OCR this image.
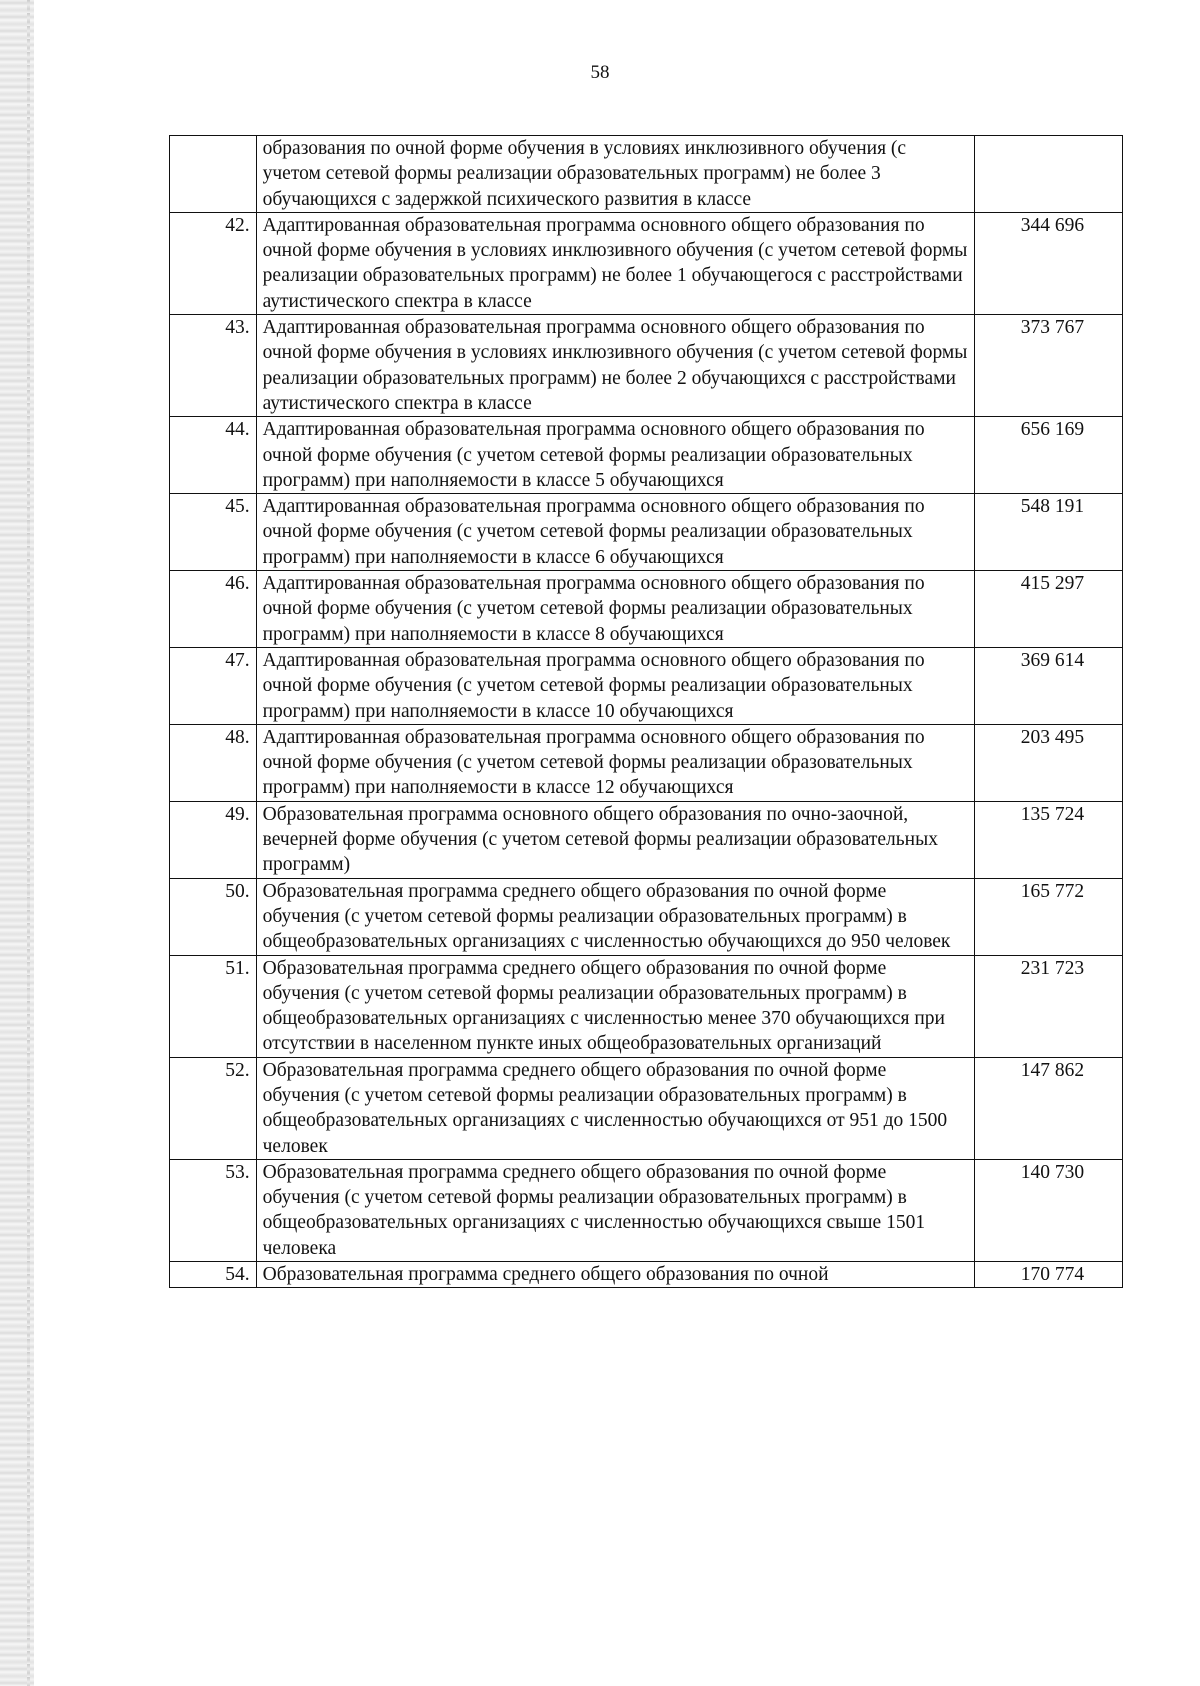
58
	образования по очной форме обучения в условиях инклюзивного обучения (с учетом сетевой формы реализации образовательных программ) не более 3 обучающихся с задержкой психического развития в классе	
42.	Адаптированная образовательная программа основного общего образования по очной форме обучения в условиях инклюзивного обучения (с учетом сетевой формы реализации образовательных программ) не более 1 обучающегося с расстройствами аутистического спектра в классе	344 696
43.	Адаптированная образовательная программа основного общего образования по очной форме обучения в условиях инклюзивного обучения (с учетом сетевой формы реализации образовательных программ) не более 2 обучающихся с расстройствами аутистического спектра в классе	373 767
44.	Адаптированная образовательная программа основного общего образования по очной форме обучения (с учетом сетевой формы реализации образовательных программ) при наполняемости в классе 5 обучающихся	656 169
45.	Адаптированная образовательная программа основного общего образования по очной форме обучения (с учетом сетевой формы реализации образовательных программ) при наполняемости в классе 6 обучающихся	548 191
46.	Адаптированная образовательная программа основного общего образования по очной форме обучения (с учетом сетевой формы реализации образовательных программ) при наполняемости в классе 8 обучающихся	415 297
47.	Адаптированная образовательная программа основного общего образования по очной форме обучения (с учетом сетевой формы реализации образовательных программ) при наполняемости в классе 10 обучающихся	369 614
48.	Адаптированная образовательная программа основного общего образования по очной форме обучения (с учетом сетевой формы реализации образовательных программ) при наполняемости в классе 12 обучающихся	203 495
49.	Образовательная программа основного общего образования по очно-заочной, вечерней форме обучения (с учетом сетевой формы реализации образовательных программ)	135 724
50.	Образовательная программа среднего общего образования по очной форме обучения (с учетом сетевой формы реализации образовательных программ) в общеобразовательных организациях с численностью обучающихся до 950 человек	165 772
51.	Образовательная программа среднего общего образования по очной форме обучения (с учетом сетевой формы реализации образовательных программ) в общеобразовательных организациях с численностью менее 370 обучающихся при отсутствии в населенном пункте иных общеобразовательных организаций	231 723
52.	Образовательная программа среднего общего образования по очной форме обучения (с учетом сетевой формы реализации образовательных программ) в общеобразовательных организациях с численностью обучающихся от 951 до 1500 человек	147 862
53.	Образовательная программа среднего общего образования по очной форме обучения (с учетом сетевой формы реализации образовательных программ) в общеобразовательных организациях с численностью обучающихся свыше 1501 человека	140 730
54.	Образовательная программа среднего общего образования по очной	170 774
